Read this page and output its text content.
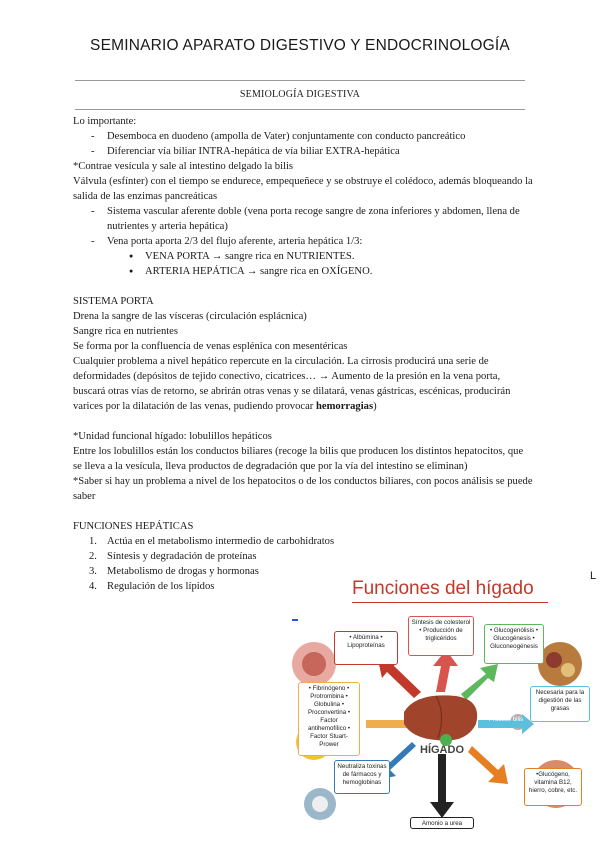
SEMINARIO APARATO DIGESTIVO Y ENDOCRINOLOGÍA
SEMIOLOGÍA DIGESTIVA

Lo importante:

- Desemboca en duodeno (ampolla de Vater) conjuntamente con conducto pancreático

- Diferenciar vía biliar INTRA-hepática de vía biliar EXTRA-hepática

*Contrae vesícula y sale al intestino delgado la bilis

Válvula (esfínter) con el tiempo se endurece, empequeñece y se obstruye el colédoco, además bloqueando la salida de las enzimas pancreáticas

- Sistema vascular aferente doble (vena porta recoge sangre de zona inferiores y abdomen, llena de nutrientes y arteria hepática)

- Vena porta aporta 2/3 del flujo aferente, arteria hepática 1/3:

● VENA PORTA → sangre rica en NUTRIENTES.

● ARTERIA HEPÁTICA → sangre rica en OXÍGENO.

SISTEMA PORTA

Drena la sangre de las vísceras (circulación esplácnica)

Sangre rica en nutrientes

Se forma por la confluencia de venas esplénica con mesentéricas

Cualquier problema a nivel hepático repercute en la circulación. La cirrosis producirá una serie de deformidades (depósitos de tejido conectivo, cicatrices… → Aumento de la presión en la vena porta, buscará otras vías de retorno, se abrirán otras venas y se dilatará, venas gástricas, escénicas, producirán varices por la dilatación de las venas, pudiendo provocar hemorragias)

*Unidad funcional hígado: lobulillos hepáticos

Entre los lobulillos están los conductos biliares (recoge la bilis que producen los distintos hepatocitos, que se lleva a la vesícula, lleva productos de degradación que por la vía del intestino se eliminan)

*Saber si hay un problema a nivel de los hepatocitos o de los conductos biliares, con pocos análisis se puede saber

FUNCIONES HEPÁTICAS

1. Actúa en el metabolismo intermedio de carbohidratos

2. Síntesis y degradación de proteínas

3. Metabolismo de drogas y hormonas

4. Regulación de los lípidos

L
Funciones del hígado
• Albúmina • Lipoproteínas
Síntesis de colesterol • Producción de triglicéridos
• Glucogenólisis • Glucogénesis • Gluconeogénesis
• Fibrinógeno • Protrombina • Globulina • Proconvertina • Factor antihemofílico • Factor Stuart-Prower
Necesaria para la digestión de las grasas
Neutraliza toxinas de fármacos y hemoglobinas
•Glucógeno, vitamina B12, hierro, cobre, etc.
Amonio a urea
Produce bilis
HÍGADO
